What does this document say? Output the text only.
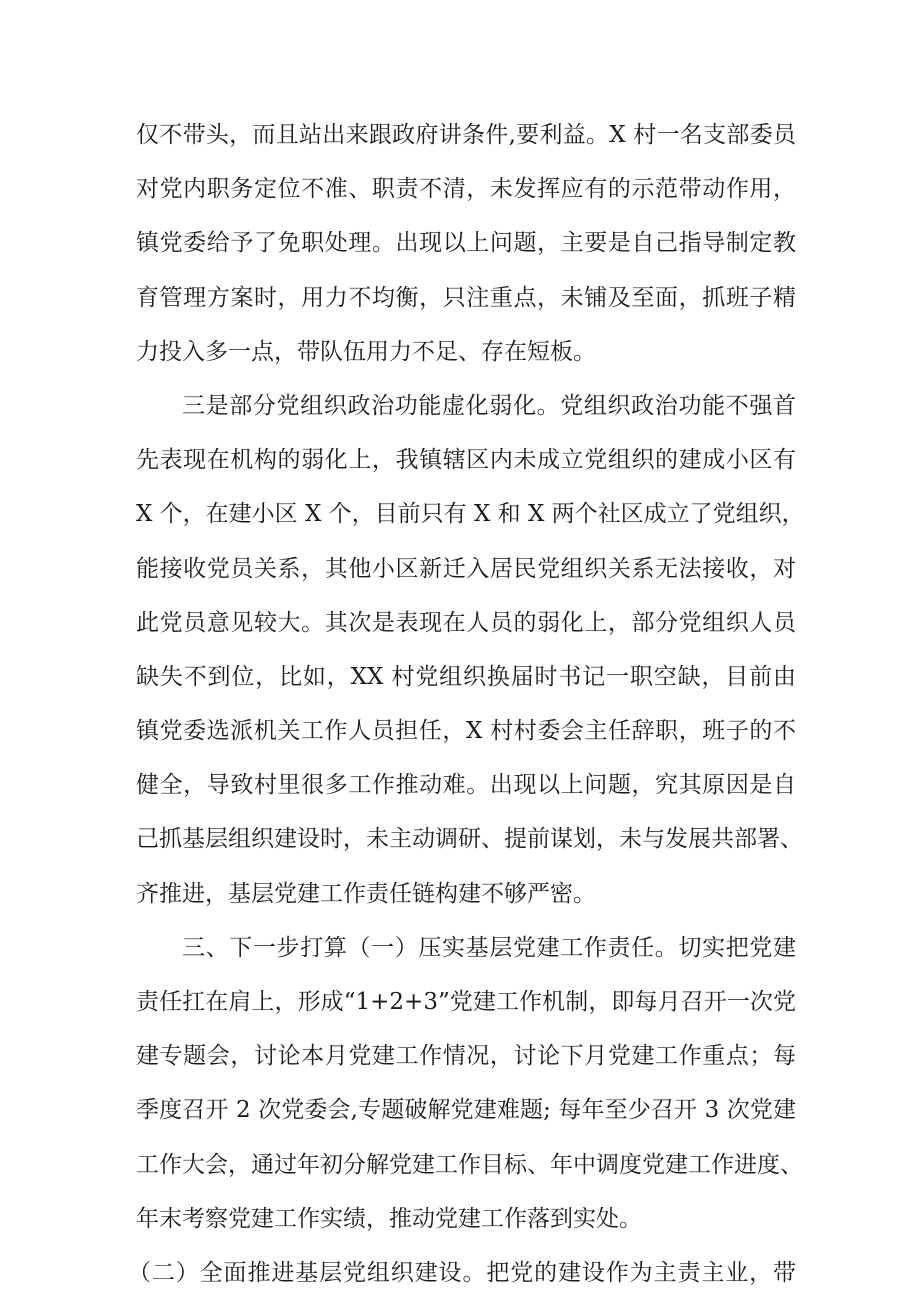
仅不带头，而且站出来跟政府讲条件,要利益。X 村一名支部委员
对党内职务定位不准、职责不清，未发挥应有的示范带动作用，
镇党委给予了免职处理。出现以上问题，主要是自己指导制定教
育管理方案时，用力不均衡，只注重点，未铺及至面，抓班子精
力投入多一点，带队伍用力不足、存在短板。
三是部分党组织政治功能虚化弱化。党组织政治功能不强首
先表现在机构的弱化上，我镇辖区内未成立党组织的建成小区有
X 个，在建小区 X 个，目前只有 X 和 X 两个社区成立了党组织，
能接收党员关系，其他小区新迁入居民党组织关系无法接收，对
此党员意见较大。其次是表现在人员的弱化上，部分党组织人员
缺失不到位，比如，XX 村党组织换届时书记一职空缺，目前由
镇党委选派机关工作人员担任，X 村村委会主任辞职，班子的不
健全，导致村里很多工作推动难。出现以上问题，究其原因是自
己抓基层组织建设时，未主动调研、提前谋划，未与发展共部署、
齐推进，基层党建工作责任链构建不够严密。
三、下一步打算（一）压实基层党建工作责任。切实把党建
责任扛在肩上，形成“1+2+3”党建工作机制，即每月召开一次党
建专题会，讨论本月党建工作情况，讨论下月党建工作重点；每
季度召开 2 次党委会,专题破解党建难题; 每年至少召开 3 次党建
工作大会，通过年初分解党建工作目标、年中调度党建工作进度、
年末考察党建工作实绩，推动党建工作落到实处。
（二）全面推进基层党组织建设。把党的建设作为主责主业，带
